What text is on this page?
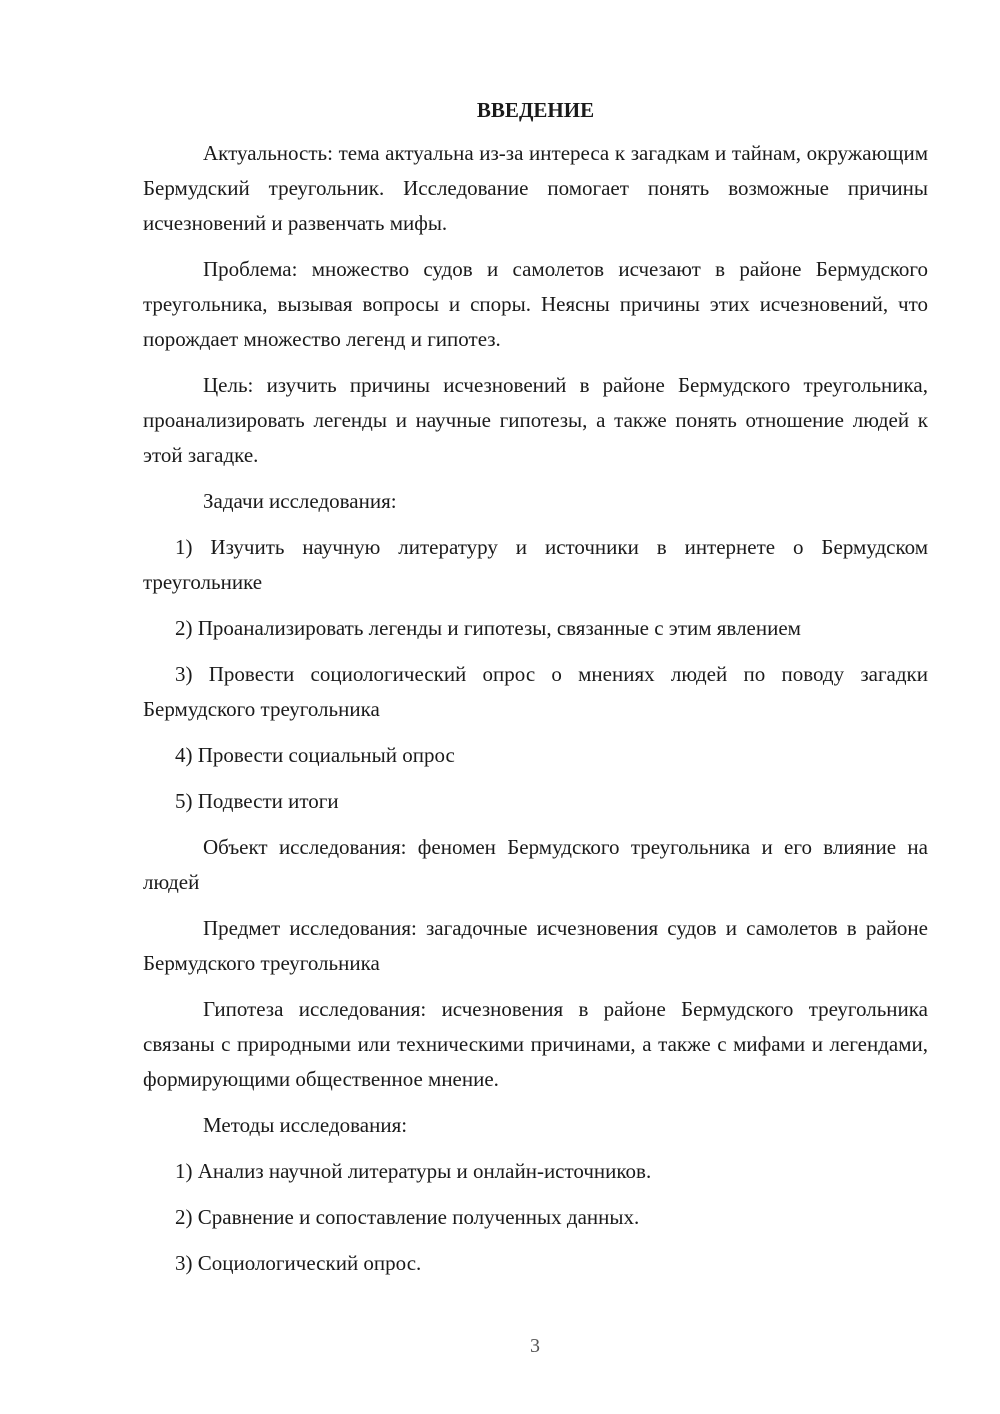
ВВЕДЕНИЕ
Актуальность: тема актуальна из-за интереса к загадкам и тайнам, окружающим Бермудский треугольник. Исследование помогает понять возможные причины исчезновений и развенчать мифы.
Проблема: множество судов и самолетов исчезают в районе Бермудского треугольника, вызывая вопросы и споры. Неясны причины этих исчезновений, что порождает множество легенд и гипотез.
Цель: изучить причины исчезновений в районе Бермудского треугольника, проанализировать легенды и научные гипотезы, а также понять отношение людей к этой загадке.
Задачи исследования:
1) Изучить научную литературу и источники в интернете о Бермудском треугольнике
2) Проанализировать легенды и гипотезы, связанные с этим явлением
3) Провести социологический опрос о мнениях людей по поводу загадки Бермудского треугольника
4) Провести социальный опрос
5) Подвести итоги
Объект исследования: феномен Бермудского треугольника и его влияние на людей
Предмет исследования: загадочные исчезновения судов и самолетов в районе Бермудского треугольника
Гипотеза исследования: исчезновения в районе Бермудского треугольника связаны с природными или техническими причинами, а также с мифами и легендами, формирующими общественное мнение.
Методы исследования:
1) Анализ научной литературы и онлайн-источников.
2) Сравнение и сопоставление полученных данных.
3) Социологический опрос.
3
